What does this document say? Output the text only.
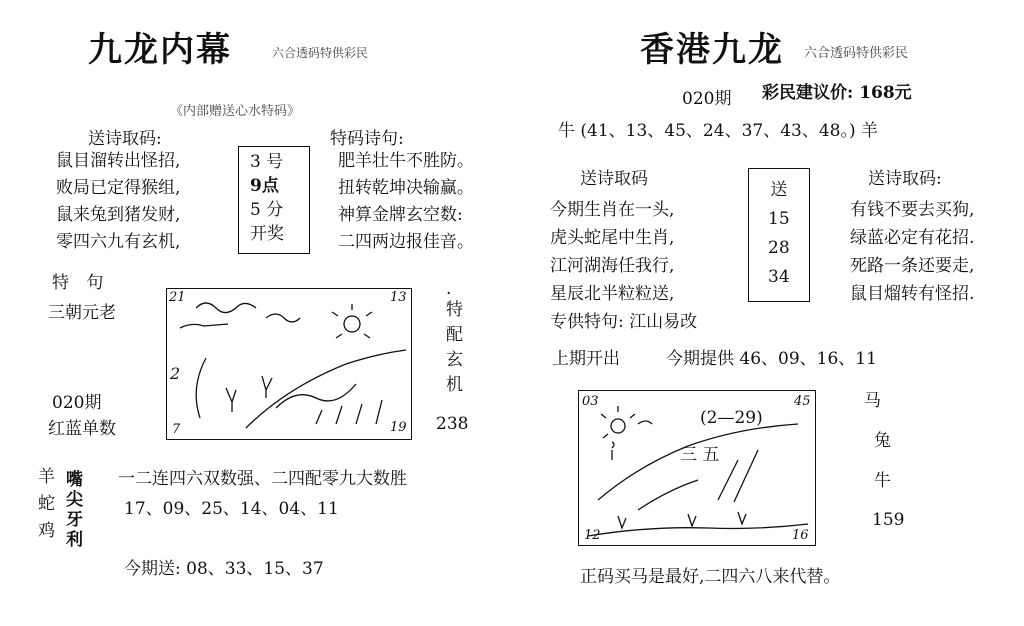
九龙内幕	六合透码特供彩民
《内部赠送心水特码》
送诗取码:
鼠目溜转出怪招,
败局已定得猴组,
鼠来兔到猪发财,
零四六九有玄机,
3 号
9点
5 分
开奖
特码诗句:
肥羊壮牛不胜防。
扭转乾坤决输赢。
神算金牌玄空数:
二四两边报佳音。
特 句
三朝元老
21	13
7	19
2
·
特
配
玄
机
020期
红蓝单数	238
羊
蛇
鸡
嘴
尖
牙
利
一二连四六双数强、二四配零九大数胜
17、09、25、14、04、11
今期送: 08、33、15、37
香港九龙 六合透码特供彩民
020期 彩民建议价: 168元
牛 (41、13、45、24、37、43、48。) 羊
送诗取码
今期生肖在一头,
虎头蛇尾中生肖,
江河湖海任我行,
星辰北半粒粒送,
专供特句: 江山易改
送
15
28
34
送诗取码:
有钱不要去买狗,
绿蓝必定有花招.
死路一条还要走,
鼠目熘转有怪招.
上期开出	今期提供 46、09、16、11
03	45
12	16
(2—29)
三 五
马
兔
牛
159
正码买马是最好,二四六八来代替。
